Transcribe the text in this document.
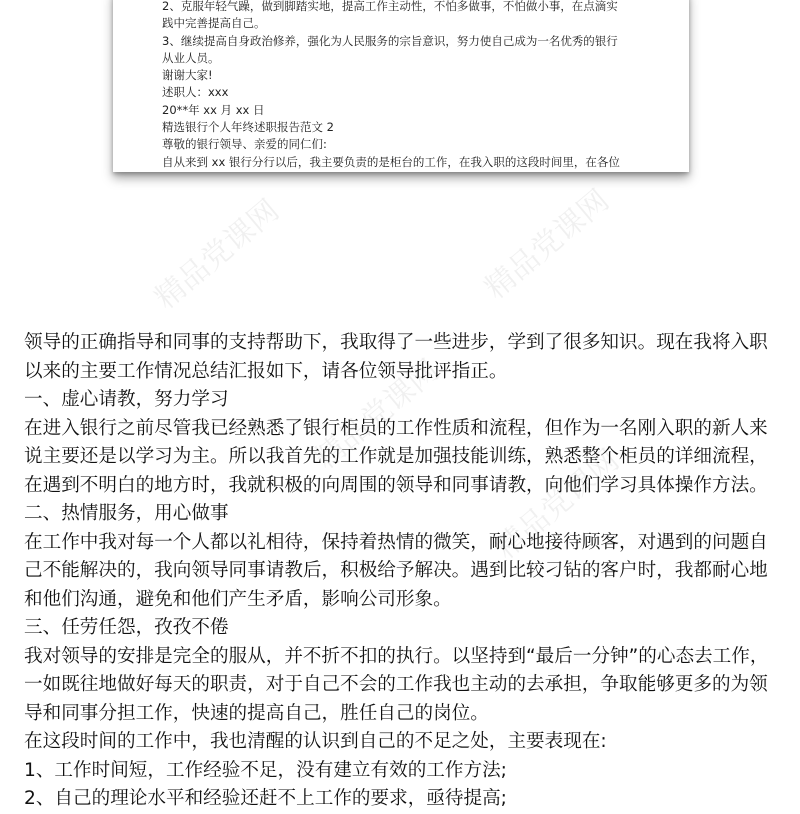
精品党课网	精品党课网
精品党课网
精品党课网
2、克服年轻气躁，做到脚踏实地，提高工作主动性，不怕多做事，不怕做小事，在点滴实
践中完善提高自己。
3、继续提高自身政治修养，强化为人民服务的宗旨意识，努力使自己成为一名优秀的银行
从业人员。
谢谢大家!
述职人：xxx
20**年 xx 月 xx 日
精选银行个人年终述职报告范文 2
尊敬的银行领导、亲爱的同仁们:
自从来到 xx 银行分行以后，我主要负责的是柜台的工作，在我入职的这段时间里，在各位
领导的正确指导和同事的支持帮助下，我取得了一些进步，学到了很多知识。现在我将入职
以来的主要工作情况总结汇报如下，请各位领导批评指正。
一、虚心请教，努力学习
在进入银行之前尽管我已经熟悉了银行柜员的工作性质和流程，但作为一名刚入职的新人来
说主要还是以学习为主。所以我首先的工作就是加强技能训练，熟悉整个柜员的详细流程，
在遇到不明白的地方时，我就积极的向周围的领导和同事请教，向他们学习具体操作方法。
二、热情服务，用心做事
在工作中我对每一个人都以礼相待，保持着热情的微笑，耐心地接待顾客，对遇到的问题自
己不能解决的，我向领导同事请教后，积极给予解决。遇到比较刁钻的客户时，我都耐心地
和他们沟通，避免和他们产生矛盾，影响公司形象。
三、任劳任怨，孜孜不倦
我对领导的安排是完全的服从，并不折不扣的执行。以坚持到“最后一分钟”的心态去工作，
一如既往地做好每天的职责，对于自己不会的工作我也主动的去承担，争取能够更多的为领
导和同事分担工作，快速的提高自己，胜任自己的岗位。
在这段时间的工作中，我也清醒的认识到自己的不足之处，主要表现在:
1、工作时间短，工作经验不足，没有建立有效的工作方法;
2、自己的理论水平和经验还赶不上工作的要求，亟待提高;
